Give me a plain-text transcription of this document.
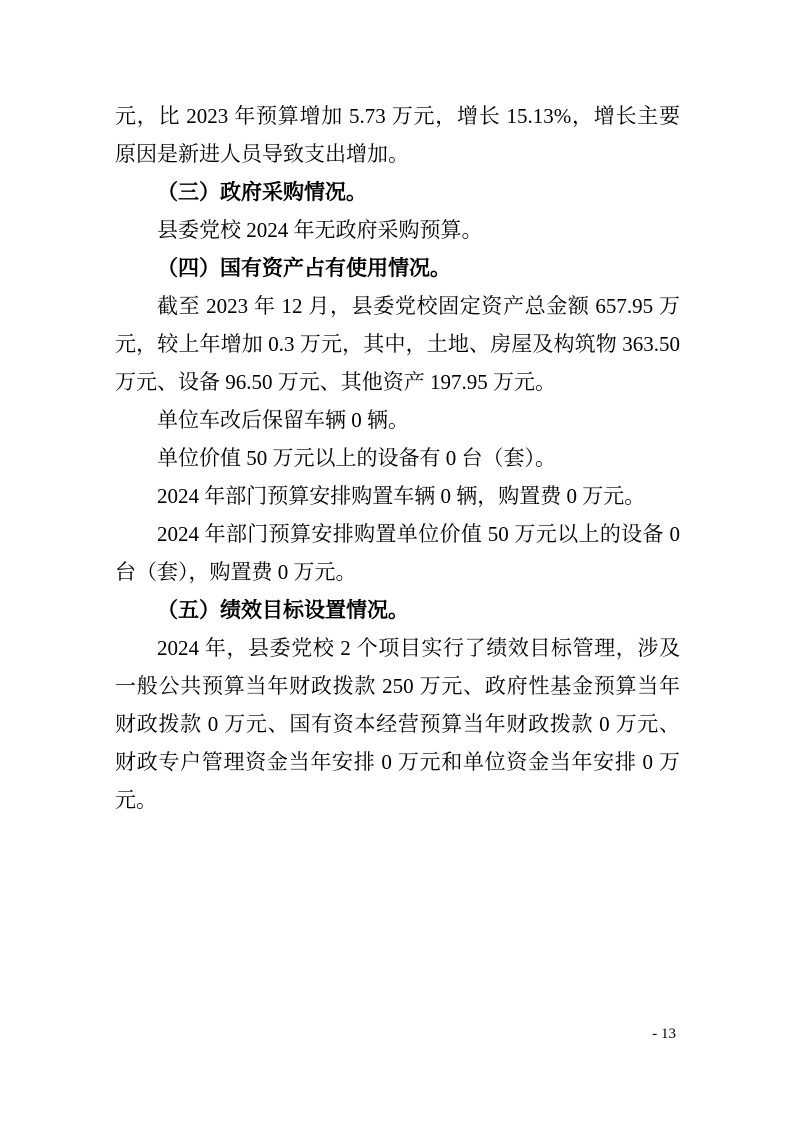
元，比 2023 年预算增加 5.73 万元，增长 15.13%，增长主要原因是新进人员导致支出增加。

（三）政府采购情况。

县委党校 2024 年无政府采购预算。

（四）国有资产占有使用情况。

截至 2023 年 12 月，县委党校固定资产总金额 657.95 万元，较上年增加 0.3 万元，其中，土地、房屋及构筑物 363.50 万元、设备 96.50 万元、其他资产 197.95 万元。

单位车改后保留车辆 0 辆。

单位价值 50 万元以上的设备有 0 台（套）。

2024 年部门预算安排购置车辆 0 辆，购置费 0 万元。

2024 年部门预算安排购置单位价值 50 万元以上的设备 0 台（套），购置费 0 万元。

（五）绩效目标设置情况。

2024 年，县委党校 2 个项目实行了绩效目标管理，涉及一般公共预算当年财政拨款 250 万元、政府性基金预算当年财政拨款 0 万元、国有资本经营预算当年财政拨款 0 万元、财政专户管理资金当年安排 0 万元和单位资金当年安排 0 万元。

- 13
